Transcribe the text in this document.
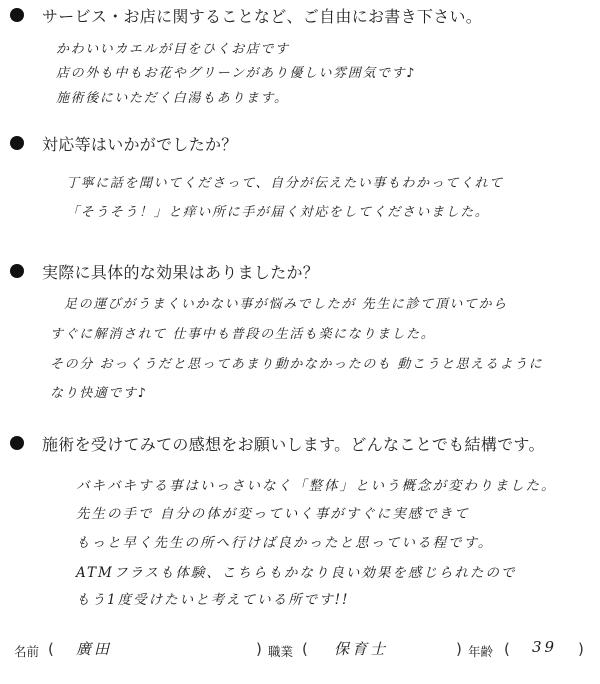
サービス・お店に関することなど、ご自由にお書き下さい。
かわいいカエルが目をひくお店です
店の外も中もお花やグリーンがあり優しい雰囲気です♪
施術後にいただく白湯もあります。
対応等はいかがでしたか？
丁寧に話を聞いてくださって、自分が伝えたい事もわかってくれて
「そうそう！」と痒い所に手が届く対応をしてくださいました。
実際に具体的な効果はありましたか？
足の運びがうまくいかない事が悩みでしたが 先生に診て頂いてから
すぐに解消されて 仕事中も普段の生活も楽になりました。
その分 おっくうだと思ってあまり動かなかったのも 動こうと思えるように
なり快適です♪
施術を受けてみての感想をお願いします。どんなことでも結構です。
バキバキする事はいっさいなく「整体」という概念が変わりました。
先生の手で 自分の体が変っていく事がすぐに実感できて
もっと早く先生の所へ行けば良かったと思っている程です。
ATMフラスも体験、こちらもかなり良い効果を感じられたので
もう1度受けたいと考えている所です!!
名前 ( 廣田	) 職業 ( 保育士	) 年齢 ( 39 )
